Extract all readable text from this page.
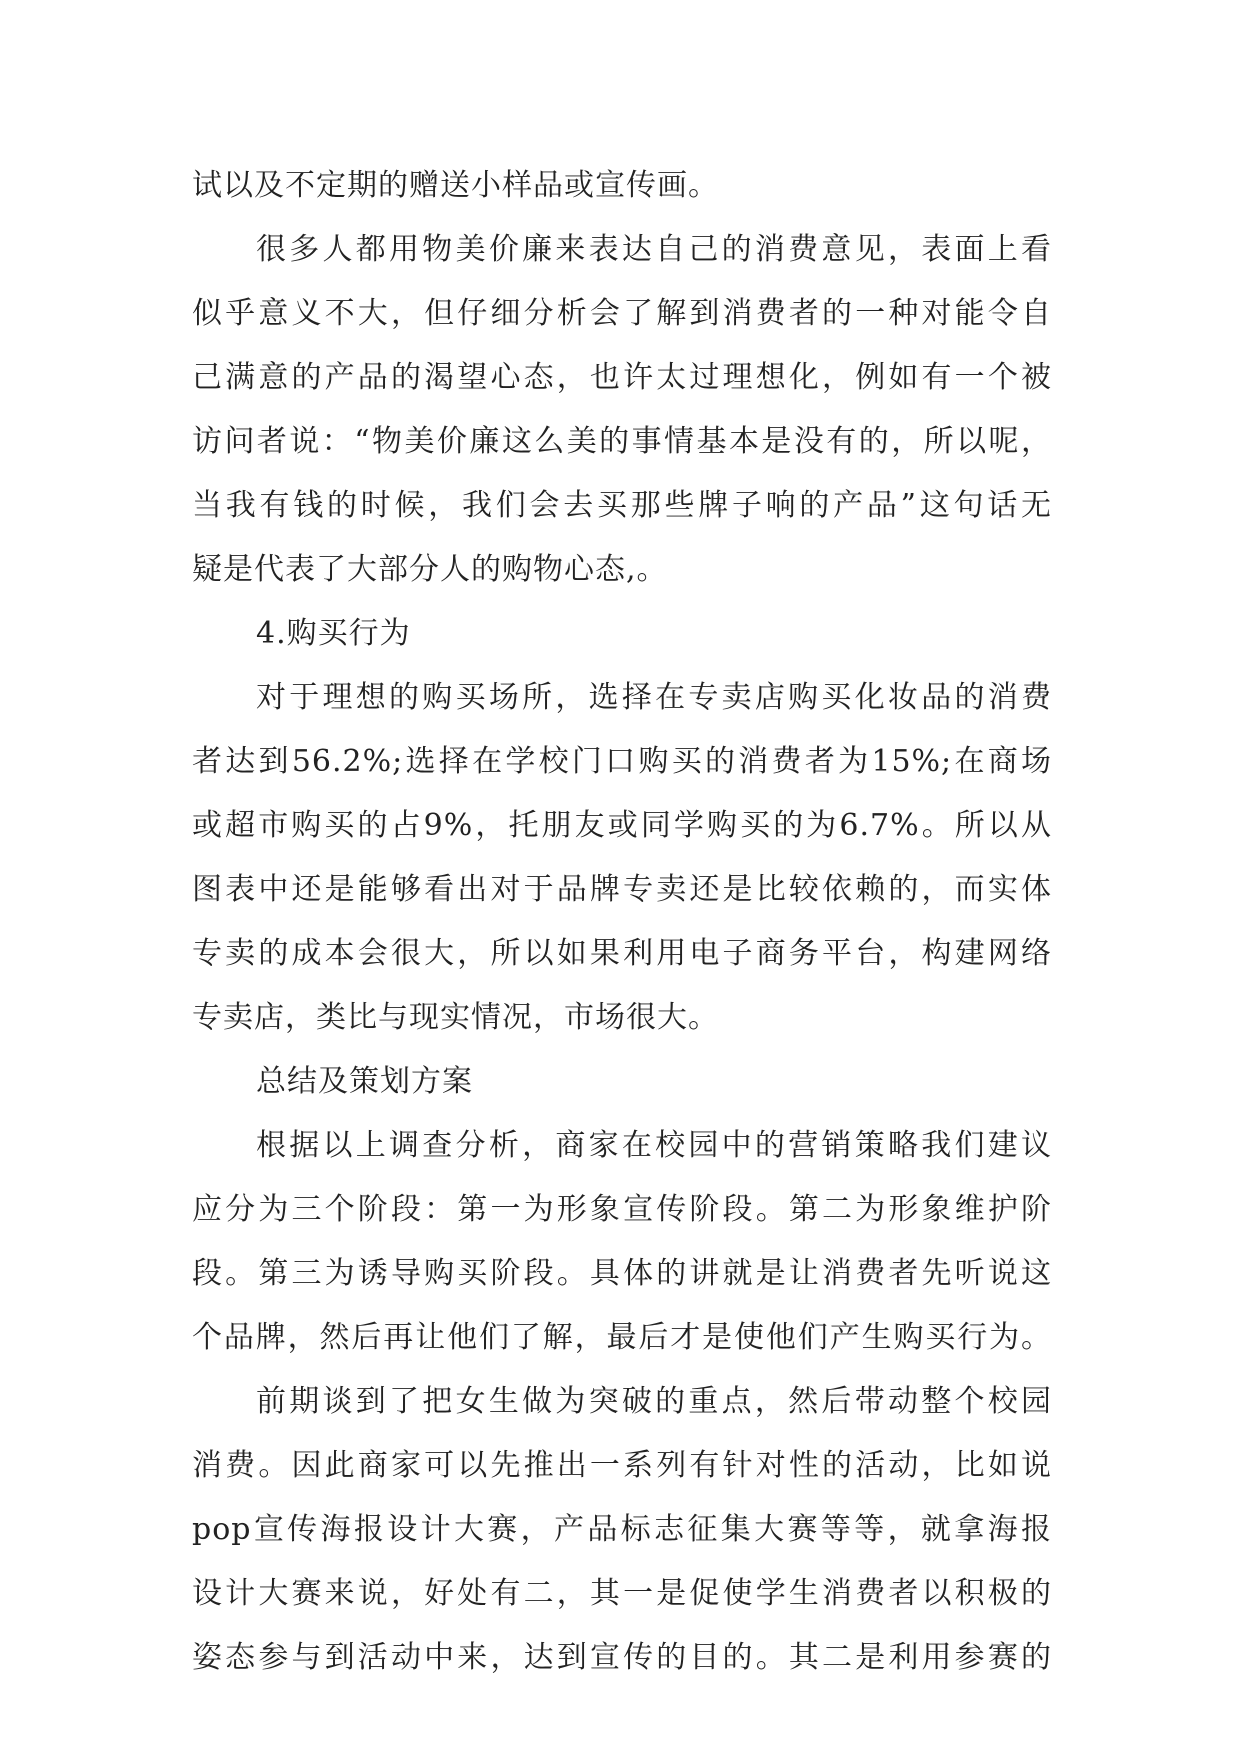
试以及不定期的赠送小样品或宣传画。
很多人都用物美价廉来表达自己的消费意见，表面上看
似乎意义不大，但仔细分析会了解到消费者的一种对能令自
己满意的产品的渴望心态，也许太过理想化，例如有一个被
访问者说：“物美价廉这么美的事情基本是没有的，所以呢，
当我有钱的时候，我们会去买那些牌子响的产品”这句话无
疑是代表了大部分人的购物心态,。
4.购买行为
对于理想的购买场所，选择在专卖店购买化妆品的消费
者达到56.2%;选择在学校门口购买的消费者为15%;在商场
或超市购买的占9%，托朋友或同学购买的为6.7%。所以从
图表中还是能够看出对于品牌专卖还是比较依赖的，而实体
专卖的成本会很大，所以如果利用电子商务平台，构建网络
专卖店，类比与现实情况，市场很大。
总结及策划方案
根据以上调查分析，商家在校园中的营销策略我们建议
应分为三个阶段：第一为形象宣传阶段。第二为形象维护阶
段。第三为诱导购买阶段。具体的讲就是让消费者先听说这
个品牌，然后再让他们了解，最后才是使他们产生购买行为。
前期谈到了把女生做为突破的重点，然后带动整个校园
消费。因此商家可以先推出一系列有针对性的活动，比如说
pop宣传海报设计大赛，产品标志征集大赛等等，就拿海报
设计大赛来说，好处有二，其一是促使学生消费者以积极的
姿态参与到活动中来，达到宣传的目的。其二是利用参赛的
